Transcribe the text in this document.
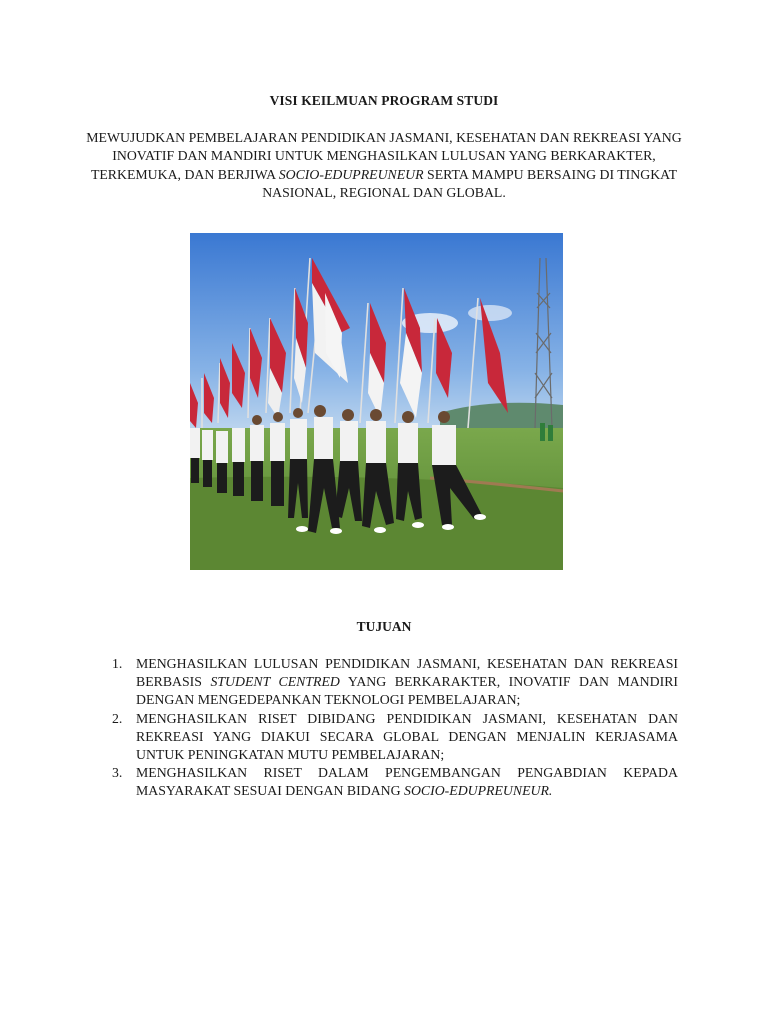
VISI KEILMUAN PROGRAM STUDI
MEWUJUDKAN PEMBELAJARAN PENDIDIKAN JASMANI, KESEHATAN DAN REKREASI YANG INOVATIF DAN MANDIRI UNTUK MENGHASILKAN LULUSAN YANG BERKARAKTER, TERKEMUKA, DAN BERJIWA SOCIO-EDUPREUNEUR SERTA MAMPU BERSAING DI TINGKAT NASIONAL, REGIONAL DAN GLOBAL.
TUJUAN
1. MENGHASILKAN LULUSAN PENDIDIKAN JASMANI, KESEHATAN DAN REKREASI BERBASIS STUDENT CENTRED YANG BERKARAKTER, INOVATIF DAN MANDIRI DENGAN MENGEDEPANKAN TEKNOLOGI PEMBELAJARAN;
2. MENGHASILKAN RISET DIBIDANG PENDIDIKAN JASMANI, KESEHATAN DAN REKREASI YANG DIAKUI SECARA GLOBAL DENGAN MENJALIN KERJASAMA UNTUK PENINGKATAN MUTU PEMBELAJARAN;
3. MENGHASILKAN RISET DALAM PENGEMBANGAN PENGABDIAN KEPADA MASYARAKAT SESUAI DENGAN BIDANG SOCIO-EDUPREUNEUR.
